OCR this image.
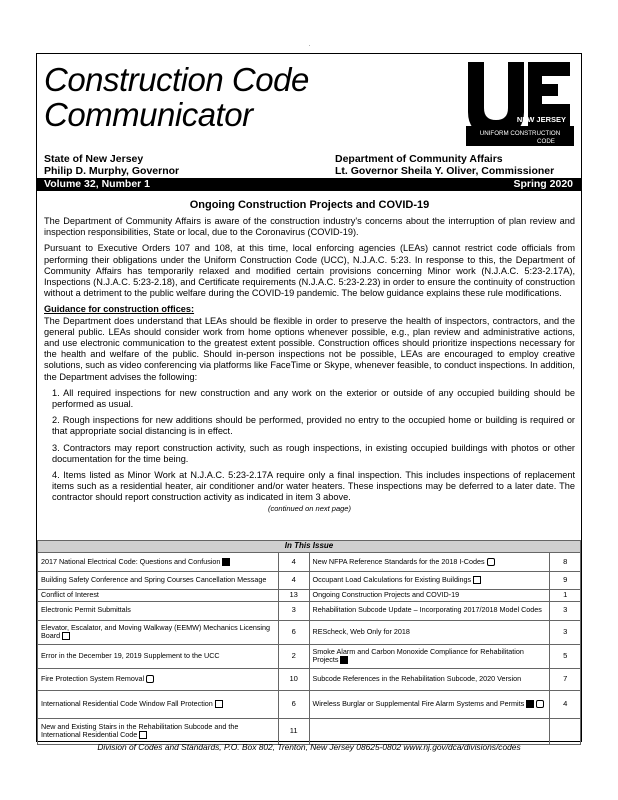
.
Construction Code
Communicator	NEW JERSEY
UNIFORM CONSTRUCTION
CODE
State of New Jersey
Philip D. Murphy, Governor
Department of Community Affairs
Lt. Governor Sheila Y. Oliver, Commissioner
Volume 32, Number 1	Spring 2020
Ongoing Construction Projects and COVID-19

The Department of Community Affairs is aware of the construction industry's concerns about the interruption of plan review and inspection responsibilities, State or local, due to the Coronavirus (COVID-19).

Pursuant to Executive Orders 107 and 108, at this time, local enforcing agencies (LEAs) cannot restrict code officials from performing their obligations under the Uniform Construction Code (UCC), N.J.A.C. 5:23. In response to this, the Department of Community Affairs has temporarily relaxed and modified certain provisions concerning Minor work (N.J.A.C. 5:23-2.17A), Inspections (N.J.A.C. 5:23-2.18), and Certificate requirements (N.J.A.C. 5:23-2.23) in order to ensure the continuity of construction without a detriment to the public welfare during the COVID-19 pandemic. The below guidance explains these rule modifications.

Guidance for construction offices:

The Department does understand that LEAs should be flexible in order to preserve the health of inspectors, contractors, and the general public. LEAs should consider work from home options whenever possible, e.g., plan review and administrative actions, and use electronic communication to the greatest extent possible. Construction offices should prioritize inspections necessary for the health and welfare of the public. Should in-person inspections not be possible, LEAs are encouraged to employ creative solutions, such as video conferencing via platforms like FaceTime or Skype, whenever feasible, to conduct inspections. In addition, the Department advises the following:

1. All required inspections for new construction and any work on the exterior or outside of any occupied building should be performed as usual.

2. Rough inspections for new additions should be performed, provided no entry to the occupied home or building is required or that appropriate social distancing is in effect.

3. Contractors may report construction activity, such as rough inspections, in existing occupied buildings with photos or other documentation for the time being.

4. Items listed as Minor Work at N.J.A.C. 5:23-2.17A require only a final inspection. This includes inspections of replacement items such as a residential heater, air conditioner and/or water heaters. These inspections may be deferred to a later date. The contractor should report construction activity as indicated in item 3 above.

(continued on next page)

In This Issue			
2017 National Electrical Code: Questions and Confusion	4	New NFPA Reference Standards for the 2018 I-Codes	8
Building Safety Conference and Spring Courses Cancellation Message	4	Occupant Load Calculations for Existing Buildings	9
Conflict of Interest	13	Ongoing Construction Projects and COVID-19	1
Electronic Permit Submittals	3	Rehabilitation Subcode Update – Incorporating 2017/2018 Model Codes	3
Elevator, Escalator, and Moving Walkway (EEMW) Mechanics Licensing Board	6	REScheck, Web Only for 2018	3
Error in the December 19, 2019 Supplement to the UCC	2	Smoke Alarm and Carbon Monoxide Compliance for Rehabilitation Projects	5
Fire Protection System Removal	10	Subcode References in the Rehabilitation Subcode, 2020 Version	7
International Residential Code Window Fall Protection	6	Wireless Burglar or Supplemental Fire Alarm Systems and Permits	4
New and Existing Stairs in the Rehabilitation Subcode and the International Residential Code	11		
Division of Codes and Standards, P.O. Box 802, Trenton, New Jersey 08625-0802 www.nj.gov/dca/divisions/codes
